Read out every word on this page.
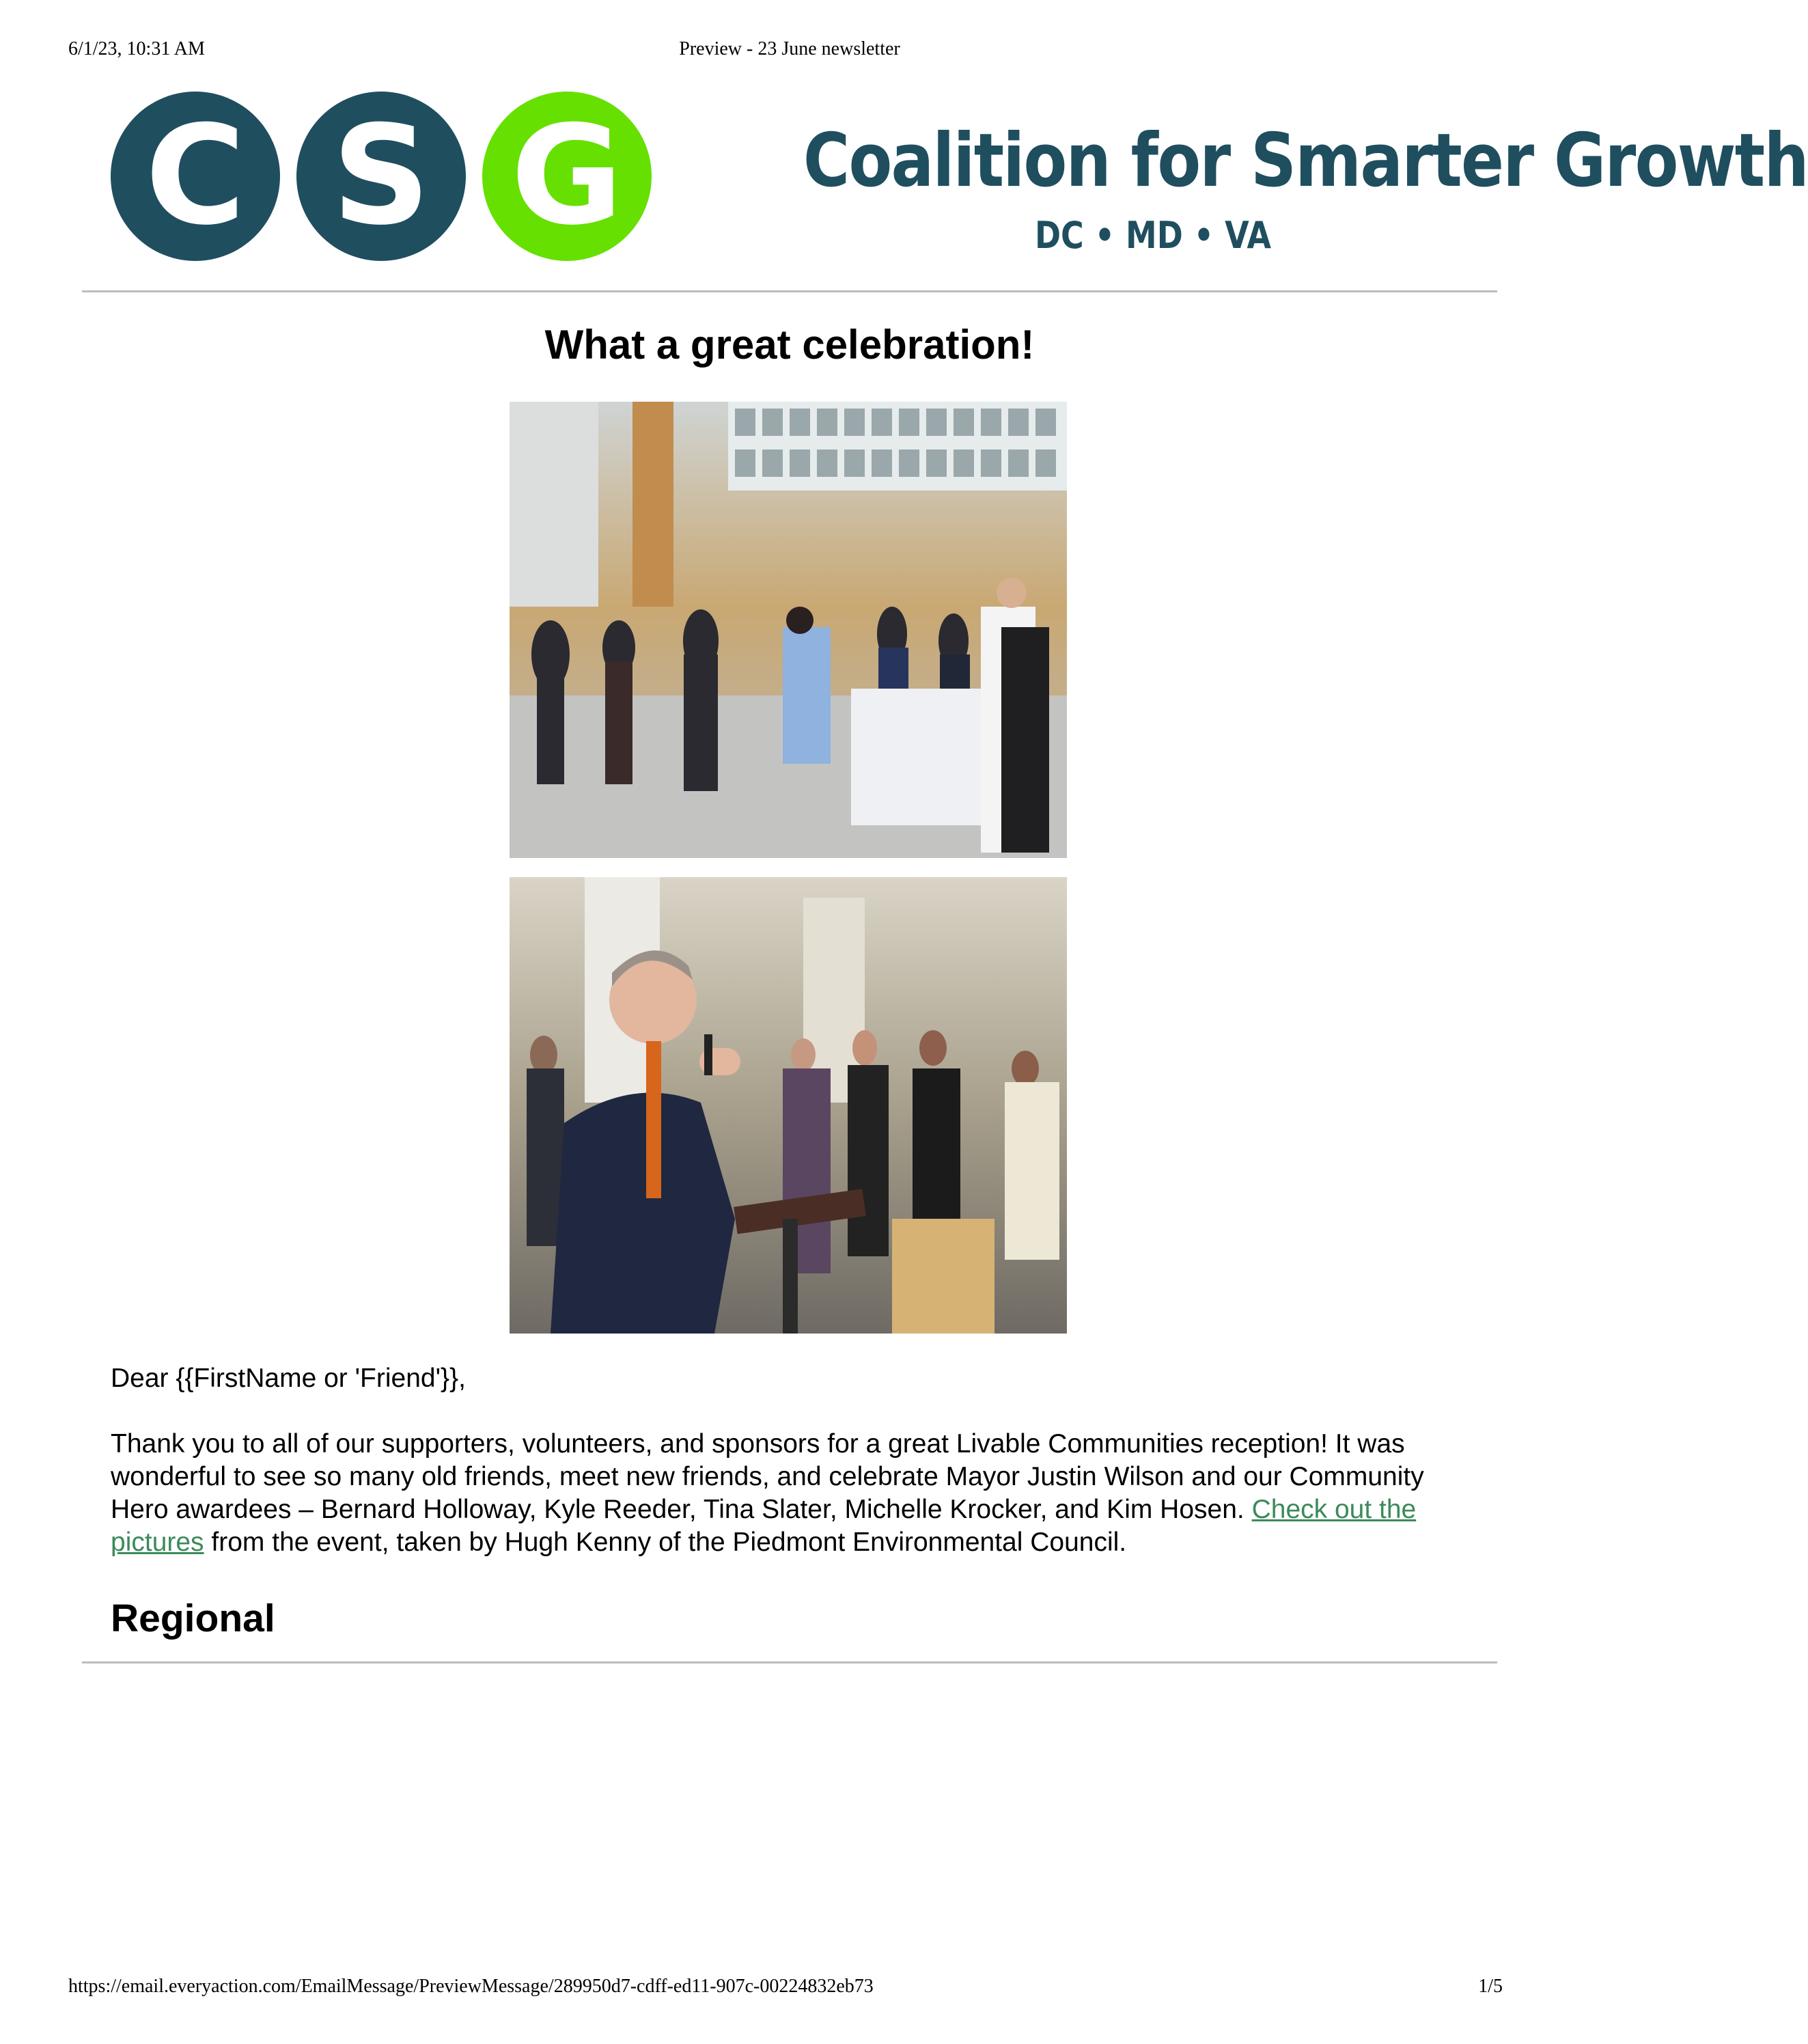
6/1/23, 10:31 AM	Preview - 23 June newsletter
C S G	Coalition for Smarter Growth
DC • MD • VA
What a great celebration!
Dear {{FirstName or 'Friend'}},
Thank you to all of our supporters, volunteers, and sponsors for a great Livable Communities reception! It was wonderful to see so many old friends, meet new friends, and celebrate Mayor Justin Wilson and our Community Hero awardees – Bernard Holloway, Kyle Reeder, Tina Slater, Michelle Krocker, and Kim Hosen. Check out the pictures from the event, taken by Hugh Kenny of the Piedmont Environmental Council.
Regional
https://email.everyaction.com/EmailMessage/PreviewMessage/289950d7-cdff-ed11-907c-00224832eb73	1/5
